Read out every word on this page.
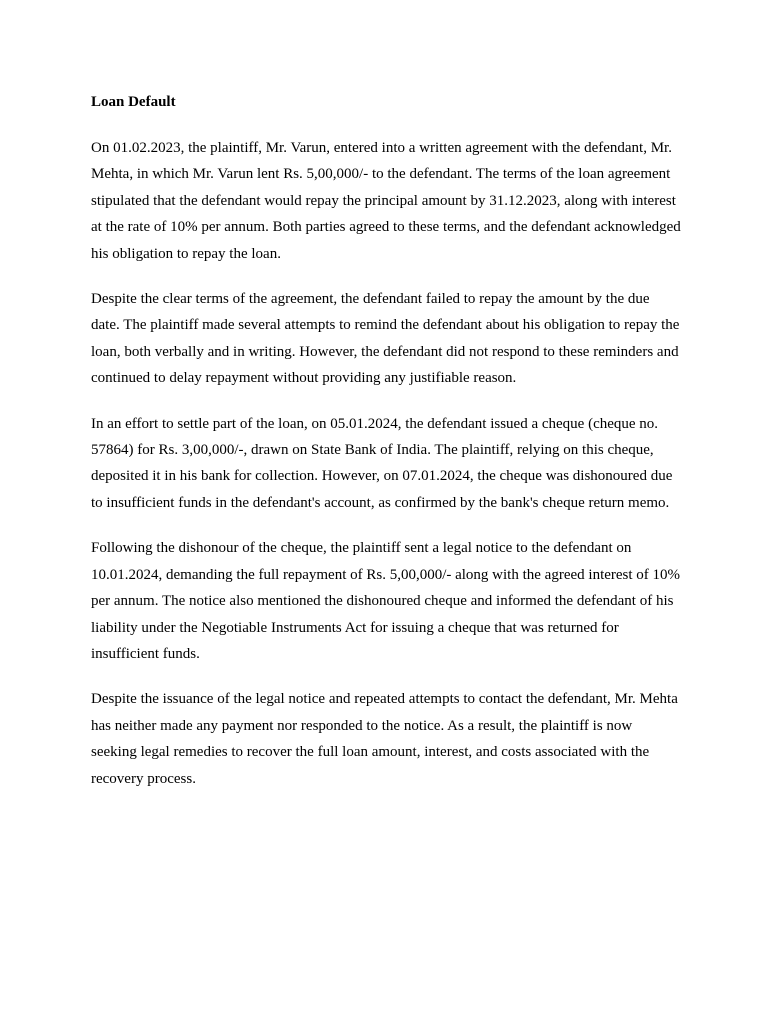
Loan Default

On 01.02.2023, the plaintiff, Mr. Varun, entered into a written agreement with the defendant, Mr. Mehta, in which Mr. Varun lent Rs. 5,00,000/- to the defendant. The terms of the loan agreement stipulated that the defendant would repay the principal amount by 31.12.2023, along with interest at the rate of 10% per annum. Both parties agreed to these terms, and the defendant acknowledged his obligation to repay the loan.

Despite the clear terms of the agreement, the defendant failed to repay the amount by the due date. The plaintiff made several attempts to remind the defendant about his obligation to repay the loan, both verbally and in writing. However, the defendant did not respond to these reminders and continued to delay repayment without providing any justifiable reason.

In an effort to settle part of the loan, on 05.01.2024, the defendant issued a cheque (cheque no. 57864) for Rs. 3,00,000/-, drawn on State Bank of India. The plaintiff, relying on this cheque, deposited it in his bank for collection. However, on 07.01.2024, the cheque was dishonoured due to insufficient funds in the defendant's account, as confirmed by the bank's cheque return memo.

Following the dishonour of the cheque, the plaintiff sent a legal notice to the defendant on 10.01.2024, demanding the full repayment of Rs. 5,00,000/- along with the agreed interest of 10% per annum. The notice also mentioned the dishonoured cheque and informed the defendant of his liability under the Negotiable Instruments Act for issuing a cheque that was returned for insufficient funds.

Despite the issuance of the legal notice and repeated attempts to contact the defendant, Mr. Mehta has neither made any payment nor responded to the notice. As a result, the plaintiff is now seeking legal remedies to recover the full loan amount, interest, and costs associated with the recovery process.
